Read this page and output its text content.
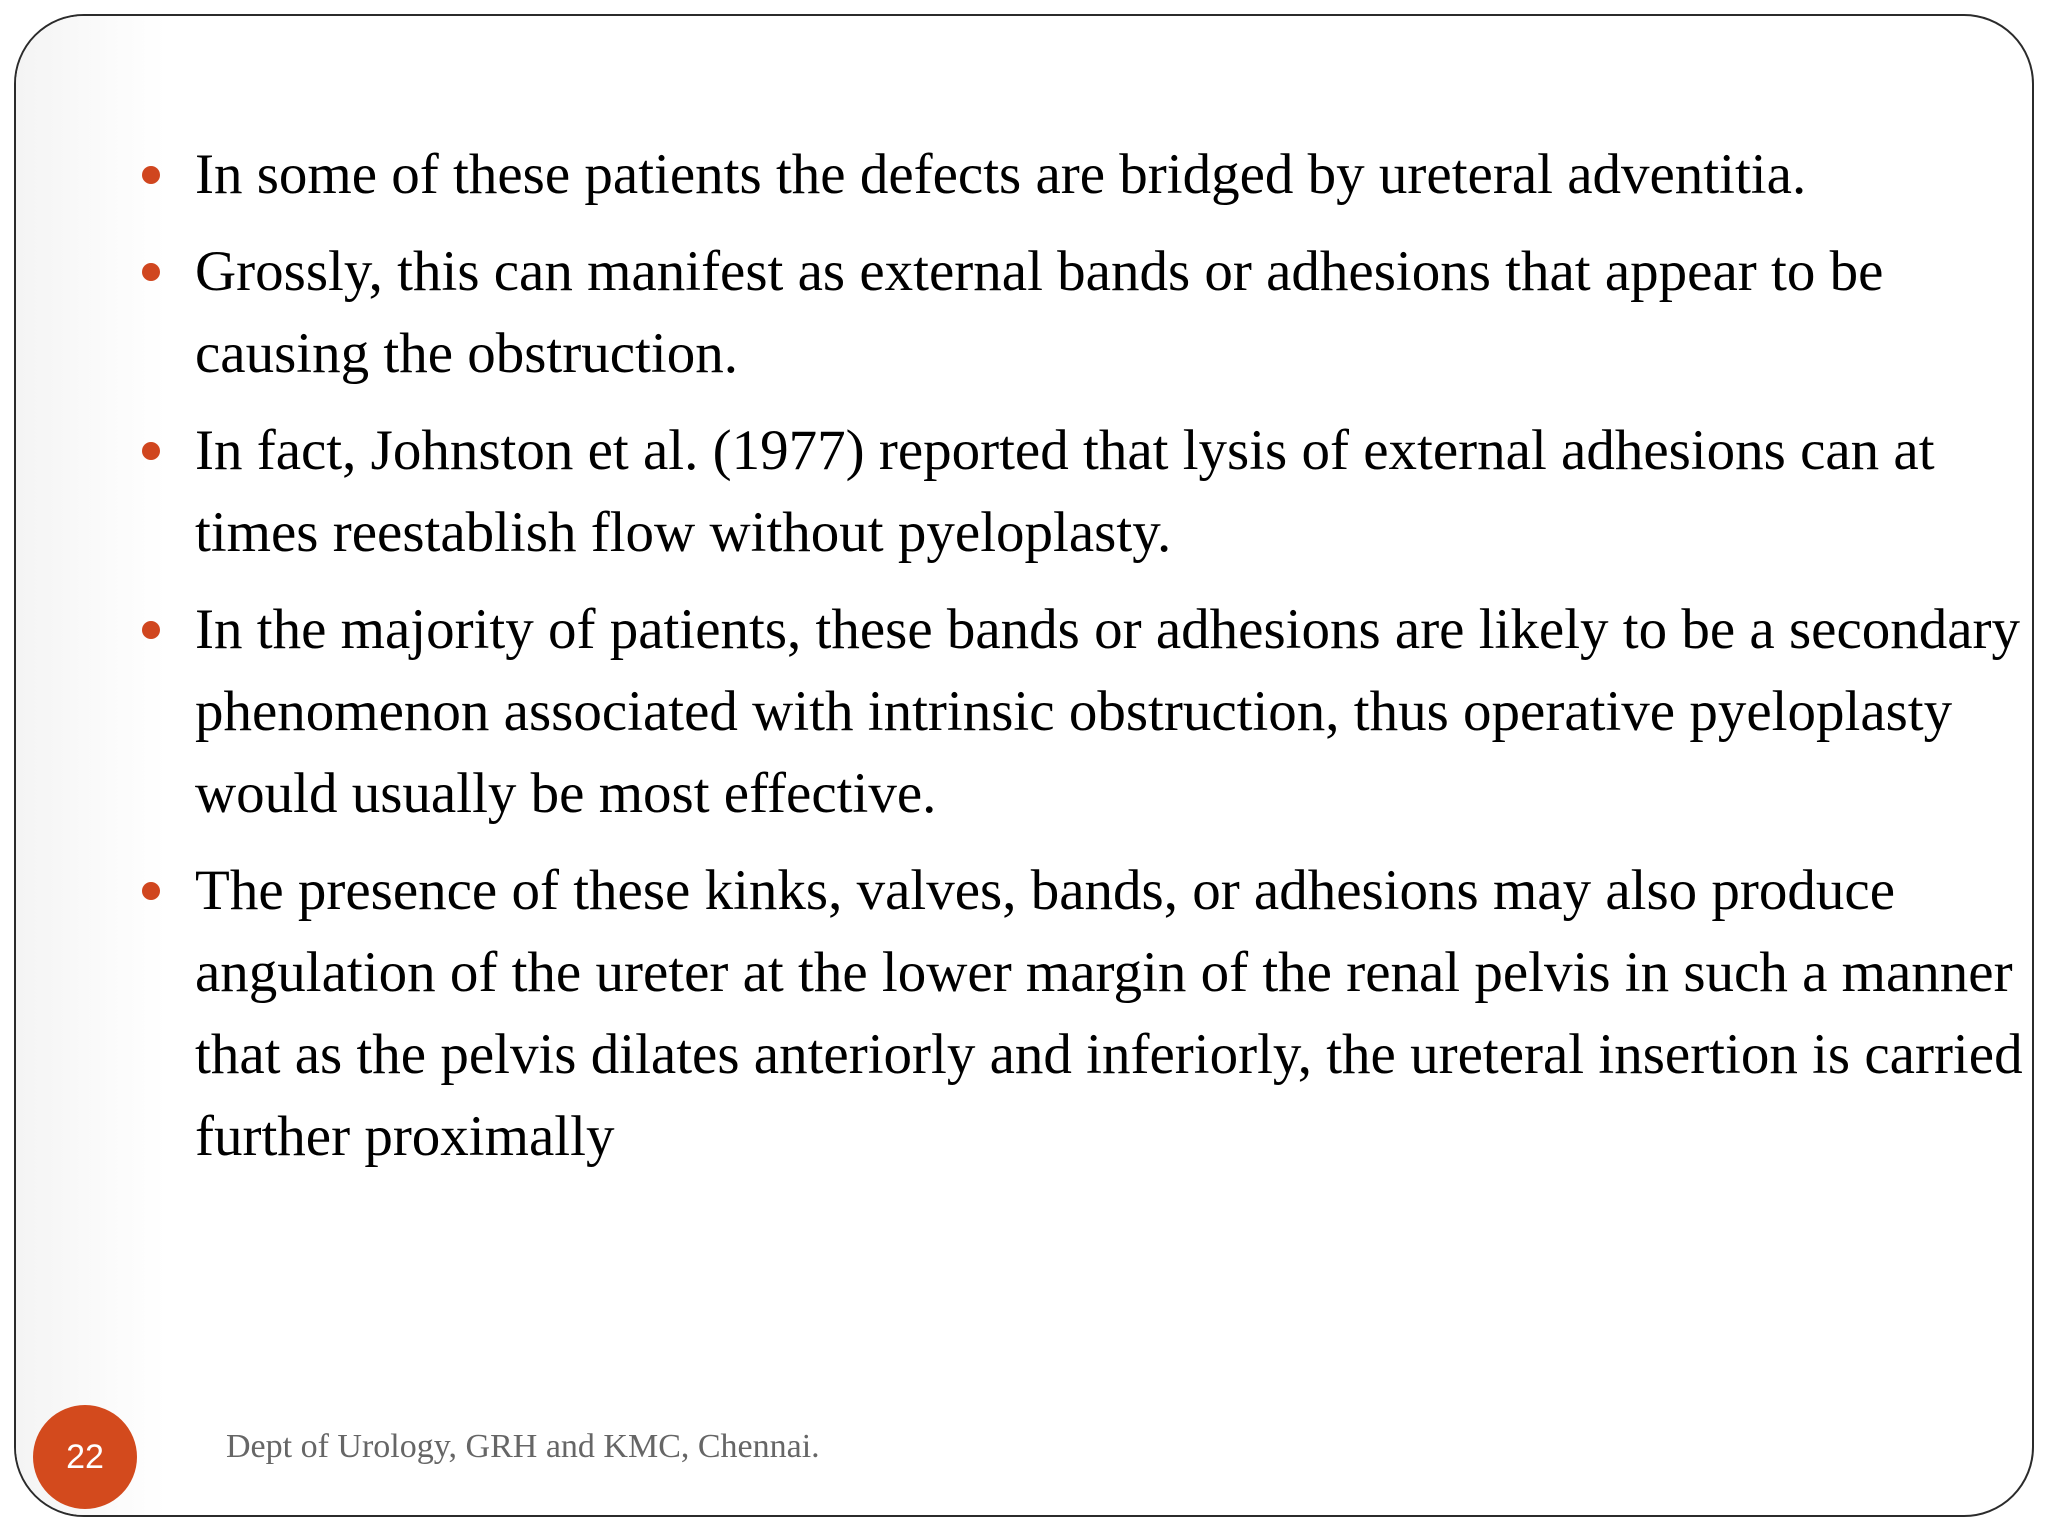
In some of these patients the defects are bridged by ureteral adventitia.
Grossly, this can manifest as external bands or adhesions that appear to be causing the obstruction.
In fact, Johnston et al. (1977) reported that lysis of external adhesions can at times reestablish flow without pyeloplasty.
In the majority of patients, these bands or adhesions are likely to be a secondary phenomenon associated with intrinsic obstruction, thus operative pyeloplasty would usually be most effective.
The presence of these kinks, valves, bands, or adhesions may also produce angulation of the ureter at the lower margin of the renal pelvis in such a manner that as the pelvis dilates anteriorly and inferiorly, the ureteral insertion is carried further proximally
22	Dept of Urology, GRH and KMC, Chennai.
